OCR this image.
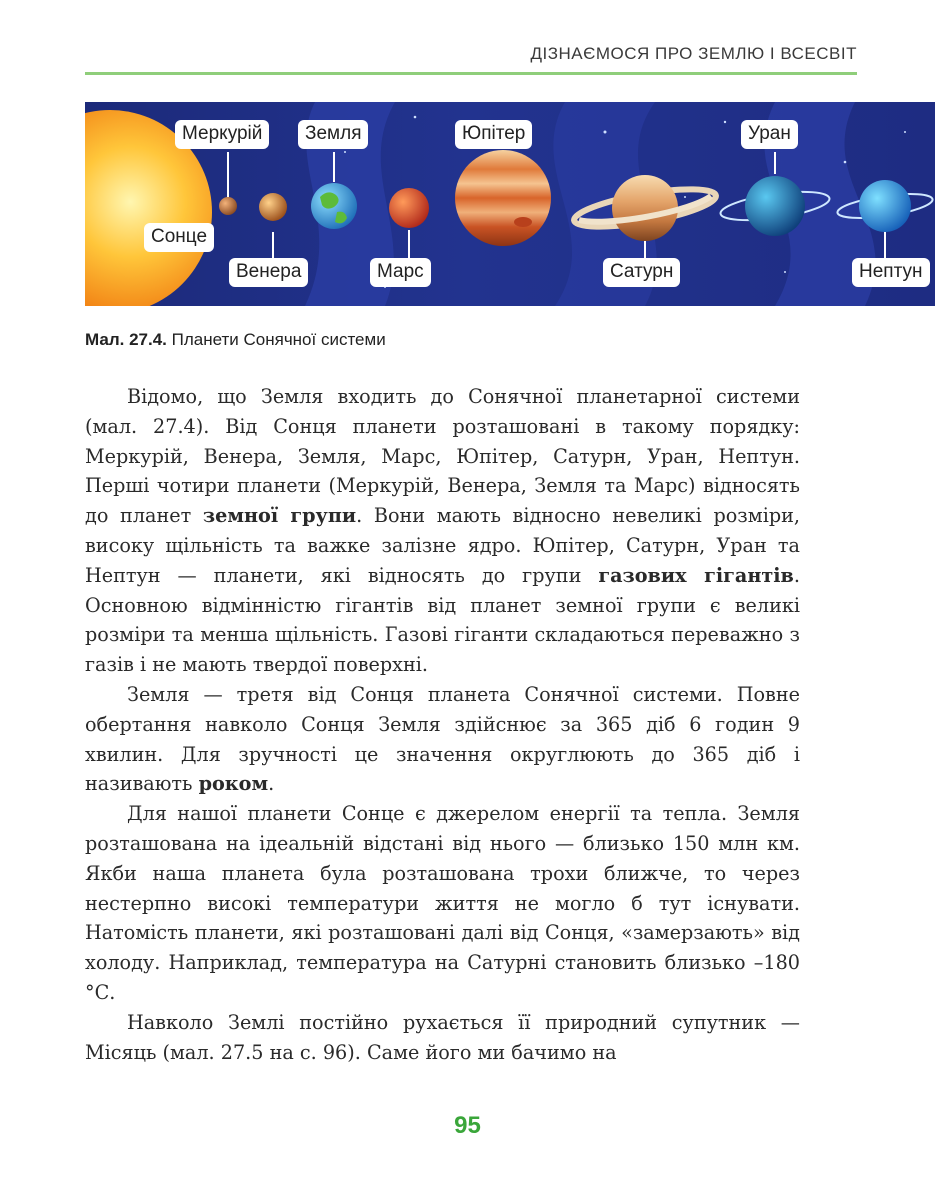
ДІЗНАЄМОСЯ ПРО ЗЕМЛЮ І ВСЕСВІТ
Сонце
Меркурій
Венера
Земля
Марс
Юпітер
Сатурн
Уран
Нептун
Мал. 27.4. Планети Сонячної системи

Відомо, що Земля входить до Сонячної планетарної системи (мал. 27.4). Від Сонця планети розташовані в такому порядку: Меркурій, Венера, Земля, Марс, Юпітер, Сатурн, Уран, Нептун. Перші чотири планети (Меркурій, Венера, Земля та Марс) відносять до планет земної групи. Вони мають відносно невеликі розміри, високу щільність та важке залізне ядро. Юпітер, Сатурн, Уран та Нептун — планети, які відносять до групи газових гігантів. Основною відмінністю гігантів від планет земної групи є великі розміри та менша щільність. Газові гіганти складаються переважно з газів і не мають твердої поверхні.

Земля — третя від Сонця планета Сонячної системи. Повне обертання навколо Сонця Земля здійснює за 365 діб 6 годин 9 хвилин. Для зручності це значення округлюють до 365 діб і називають роком.

Для нашої планети Сонце є джерелом енергії та тепла. Земля розташована на ідеальній відстані від нього — близько 150 млн км. Якби наша планета була розташована трохи ближче, то через нестерпно високі температури життя не могло б тут існувати. Натомість планети, які розташовані далі від Сонця, «замерзають» від холоду. Наприклад, температура на Сатурні становить близько –180 °С.

Навколо Землі постійно рухається її природний супутник — Місяць (мал. 27.5 на с. 96). Саме його ми бачимо на

95
